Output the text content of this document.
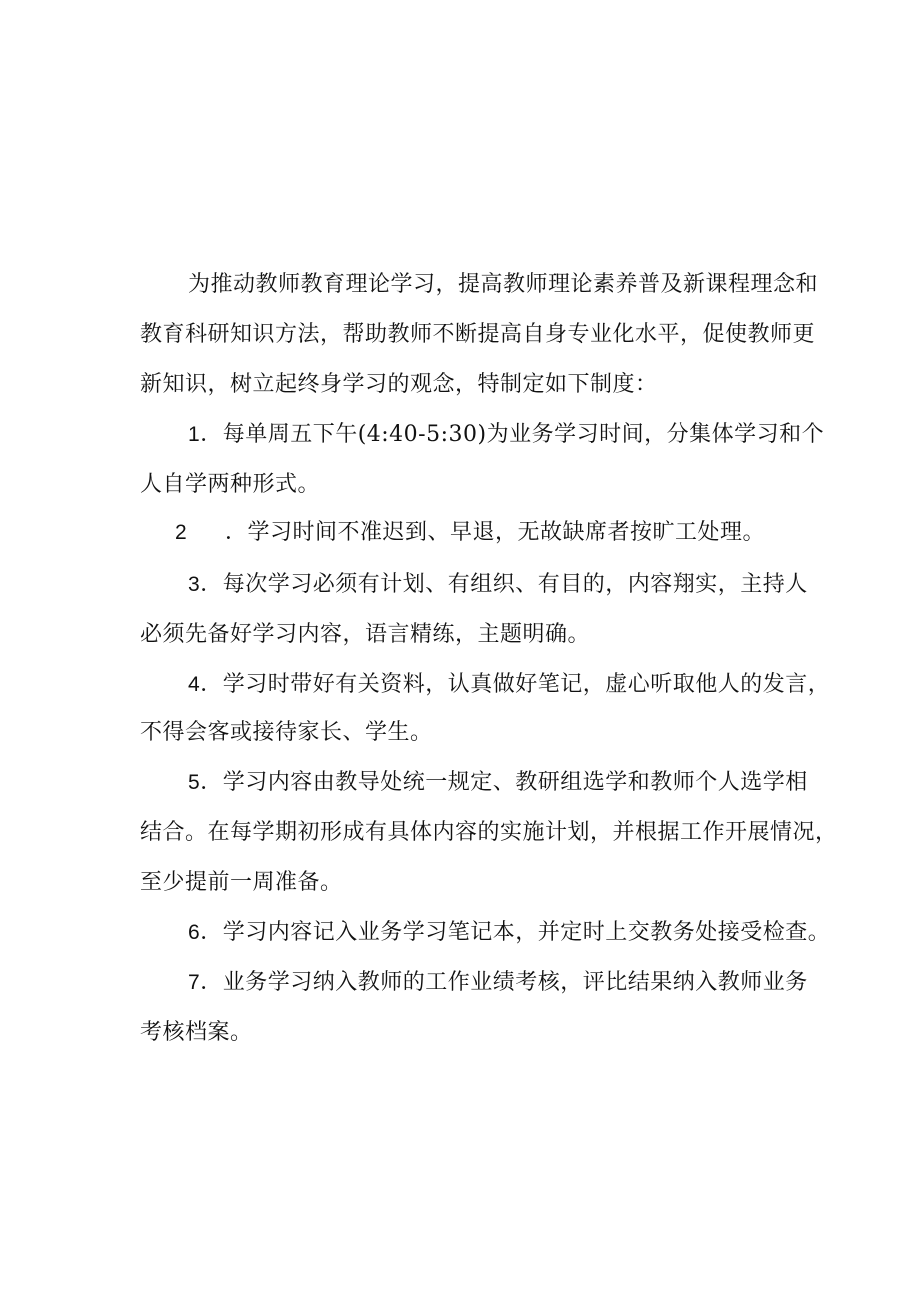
为推动教师教育理论学习，提高教师理论素养普及新课程理念和
教育科研知识方法，帮助教师不断提高自身专业化水平，促使教师更
新知识，树立起终身学习的观念，特制定如下制度：
1．每单周五下午(4:40-5:30)为业务学习时间，分集体学习和个
人自学两种形式。
2 ．学习时间不准迟到、早退，无故缺席者按旷工处理。
3．每次学习必须有计划、有组织、有目的，内容翔实，主持人
必须先备好学习内容，语言精练，主题明确。
4．学习时带好有关资料，认真做好笔记，虚心听取他人的发言，
不得会客或接待家长、学生。
5．学习内容由教导处统一规定、教研组选学和教师个人选学相
结合。在每学期初形成有具体内容的实施计划，并根据工作开展情况，
至少提前一周准备。
6．学习内容记入业务学习笔记本，并定时上交教务处接受检查。
7．业务学习纳入教师的工作业绩考核，评比结果纳入教师业务
考核档案。
